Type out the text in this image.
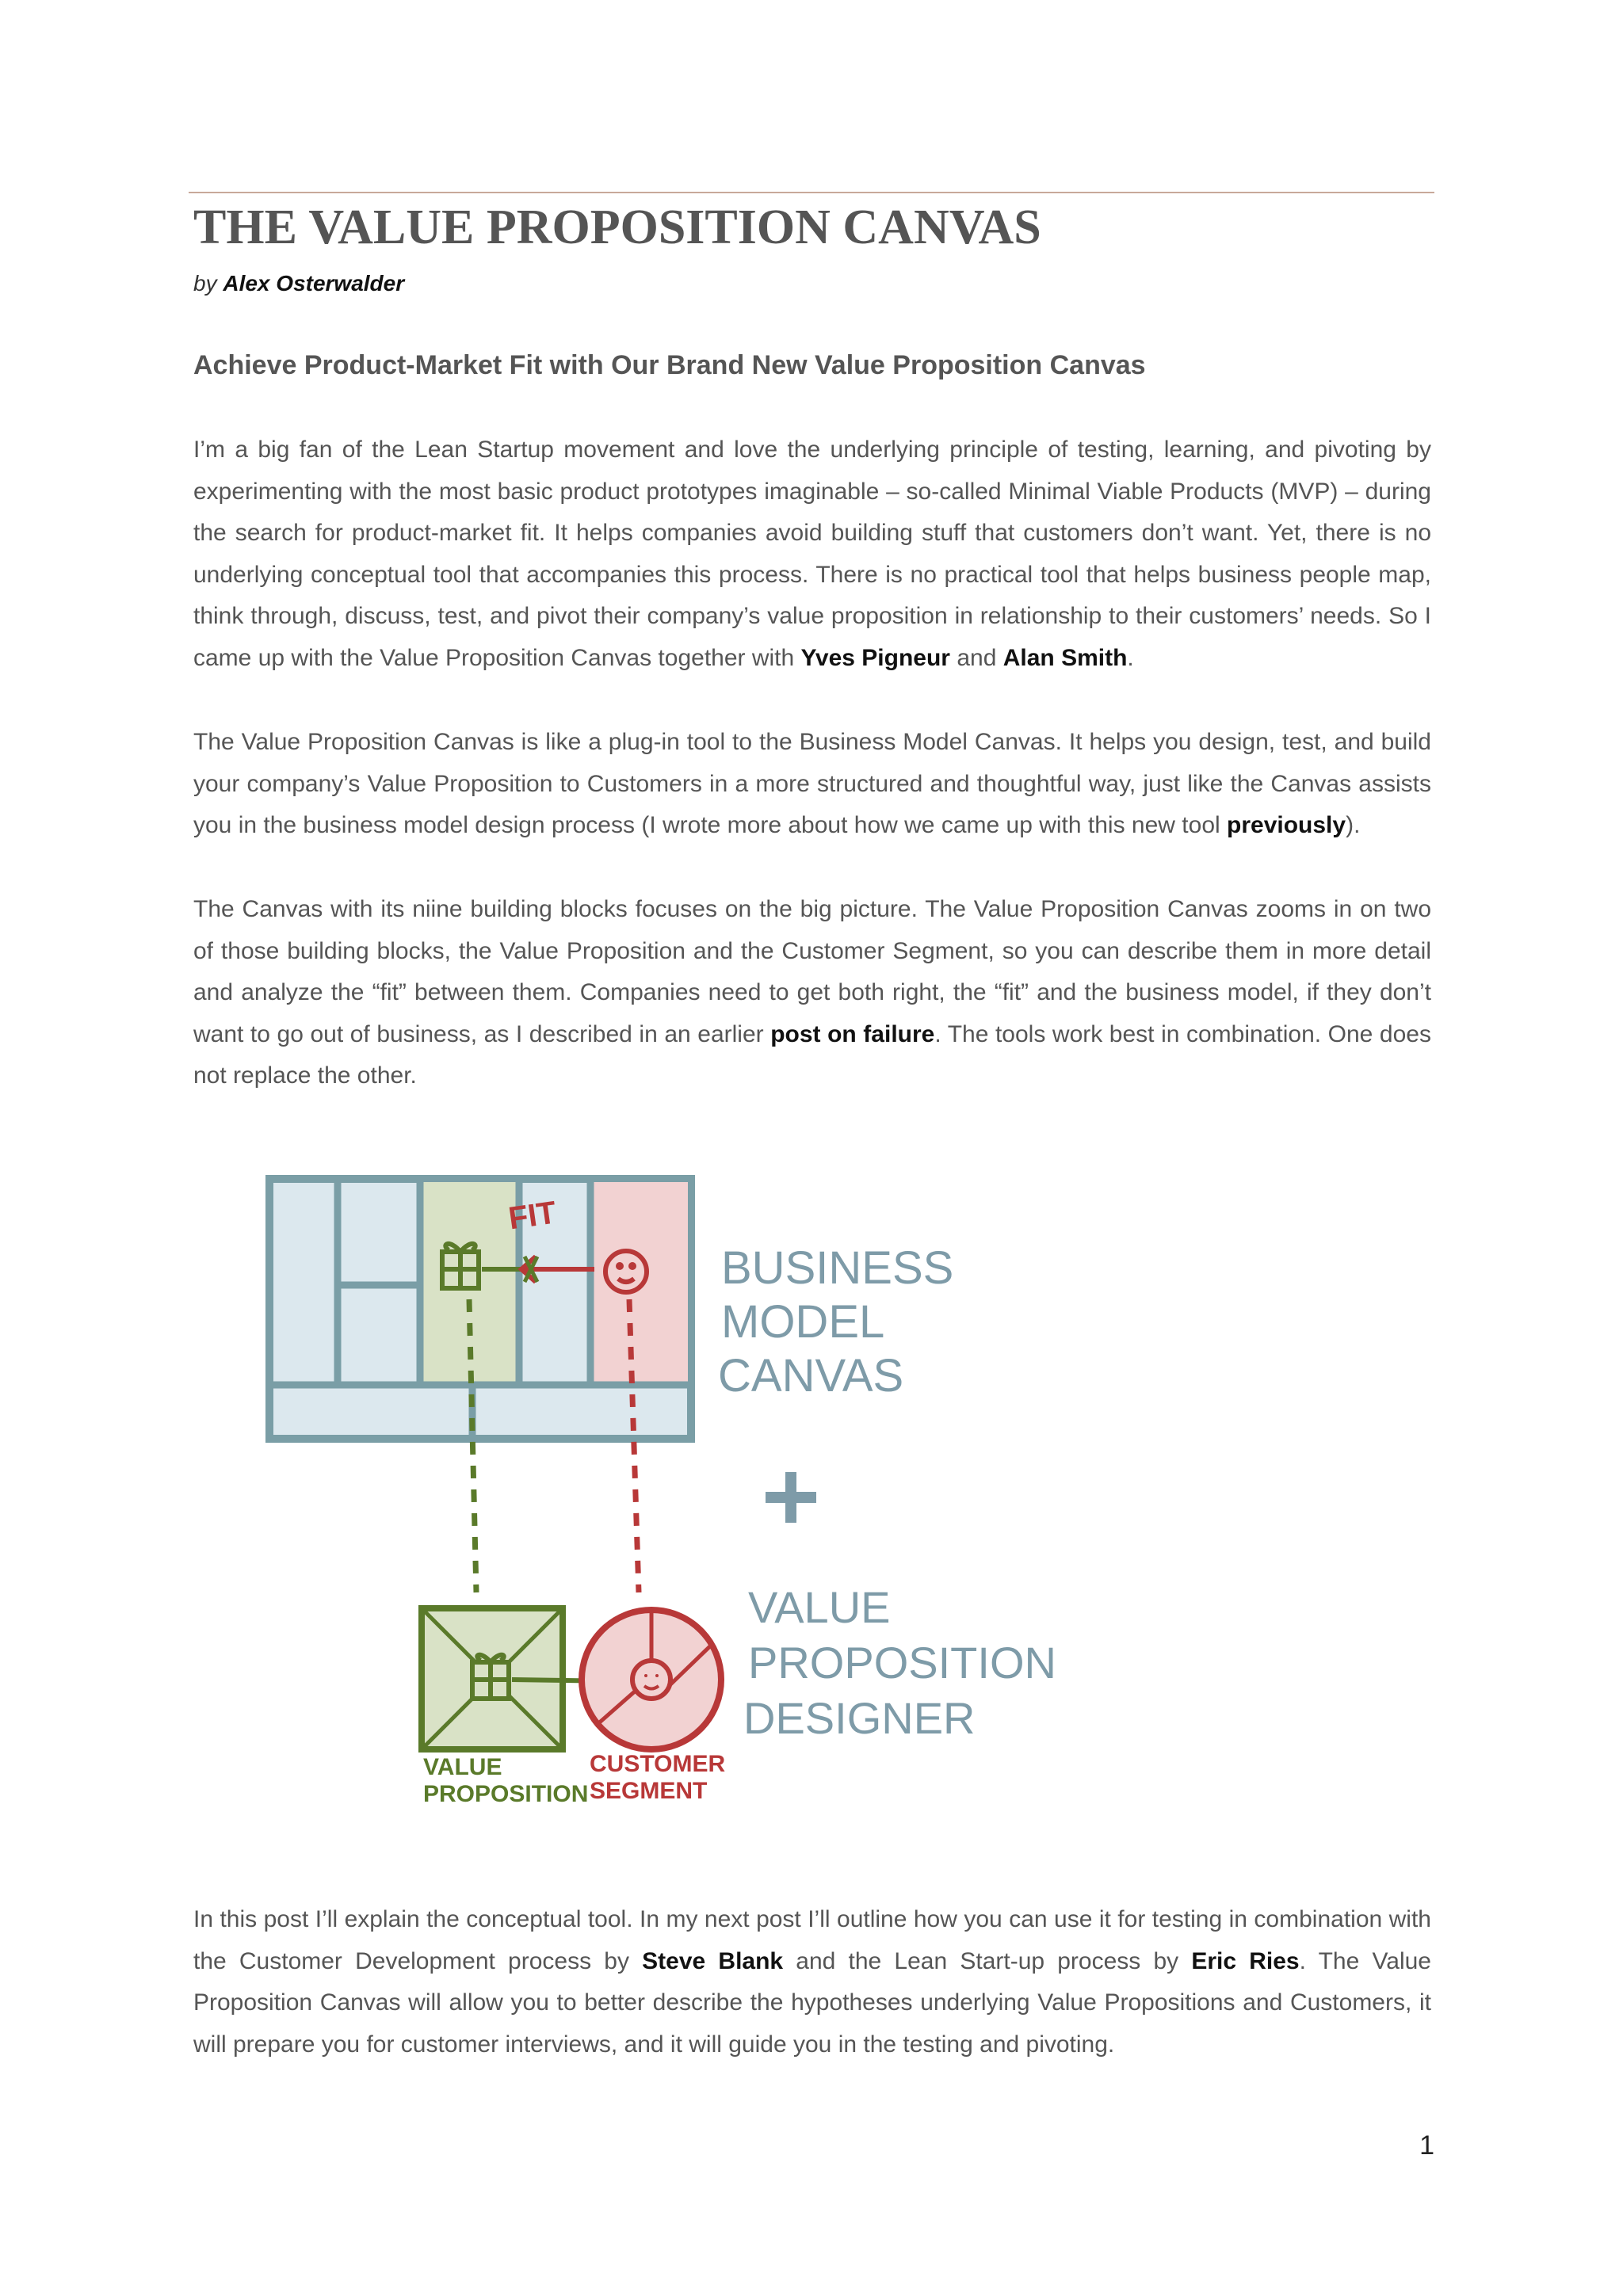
THE VALUE PROPOSITION CANVAS
by Alex Osterwalder
Achieve Product-Market Fit with Our Brand New Value Proposition Canvas

I’m a big fan of the Lean Startup movement and love the underlying principle of testing, learning, and pivoting by experimenting with the most basic product prototypes imaginable – so-called Minimal Viable Products (MVP) – during the search for product-market fit. It helps companies avoid building stuff that customers don’t want. Yet, there is no underlying conceptual tool that accompanies this process. There is no practical tool that helps business people map, think through, discuss, test, and pivot their company’s value proposition in relationship to their customers’ needs. So I came up with the Value Proposition Canvas together with Yves Pigneur and Alan Smith.

The Value Proposition Canvas is like a plug-in tool to the Business Model Canvas. It helps you design, test, and build your company’s Value Proposition to Customers in a more structured and thoughtful way, just like the Canvas assists you in the business model design process (I wrote more about how we came up with this new tool previously).

The Canvas with its niine building blocks focuses on the big picture. The Value Proposition Canvas zooms in on two of those building blocks, the Value Proposition and the Customer Segment, so you can describe them in more detail and analyze the “fit” between them. Companies need to get both right, the “fit” and the business model, if they don’t want to go out of business, as I described in an earlier post on failure. The tools work best in combination. One does not replace the other.

FIT
BUSINESS
MODEL
CANVAS
+
VALUE
PROPOSITION
DESIGNER
VALUE
PROPOSITION
CUSTOMER
SEGMENT

In this post I’ll explain the conceptual tool. In my next post I’ll outline how you can use it for testing in combination with the Customer Development process by Steve Blank and the Lean Start-up process by Eric Ries. The Value Proposition Canvas will allow you to better describe the hypotheses underlying Value Propositions and Customers, it will prepare you for customer interviews, and it will guide you in the testing and pivoting.

1
